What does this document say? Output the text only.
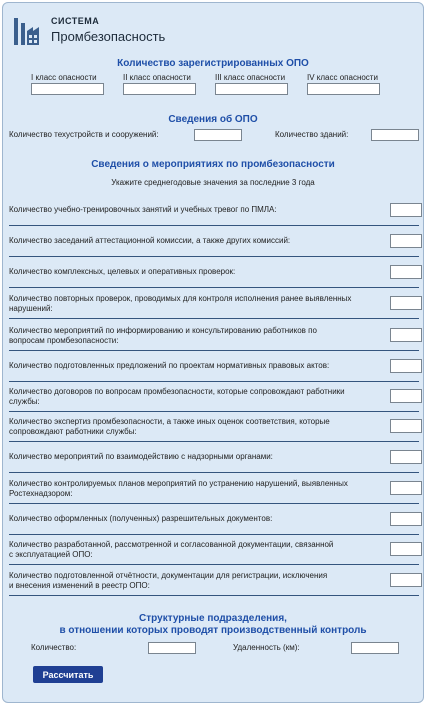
СИСТЕМА
Промбезопасность
Количество зарегистрированных ОПО
I класс опасности	II класс опасности	III класс опасности	IV класс опасности
Сведения об ОПО
Количество техустройств и сооружений:	Количество зданий:
Сведения о мероприятиях по промбезопасности
Укажите среднегодовые значения за последние 3 года
Количество учебно-тренировочных занятий и учебных тревог по ПМЛА:
Количество заседаний аттестационной комиссии, а также других комиссий:
Количество комплексных, целевых и оперативных проверок:
Количество повторных проверок, проводимых для контроля исполнения ранее выявленных
нарушений:
Количество мероприятий по информированию и консультированию работников по
вопросам промбезопасности:
Количество подготовленных предложений по проектам нормативных правовых актов:
Количество договоров по вопросам промбезопасности, которые сопровождают работники
службы:
Количество экспертиз промбезопасности, а также иных оценок соответствия, которые
сопровождают работники службы:
Количество мероприятий по взаимодействию с надзорными органами:
Количество контролируемых планов мероприятий по устранению нарушений, выявленных
Ростехнадзором:
Количество оформленных (полученных) разрешительных документов:
Количество разработанной, рассмотренной и согласованной документации, связанной
с эксплуатацией ОПО:
Количество подготовленной отчётности, документации для регистрации, исключения
и внесения изменений в реестр ОПО:
Структурные подразделения,
в отношении которых проводят производственный контроль
Количество:	Удаленность (км):
Рассчитать
